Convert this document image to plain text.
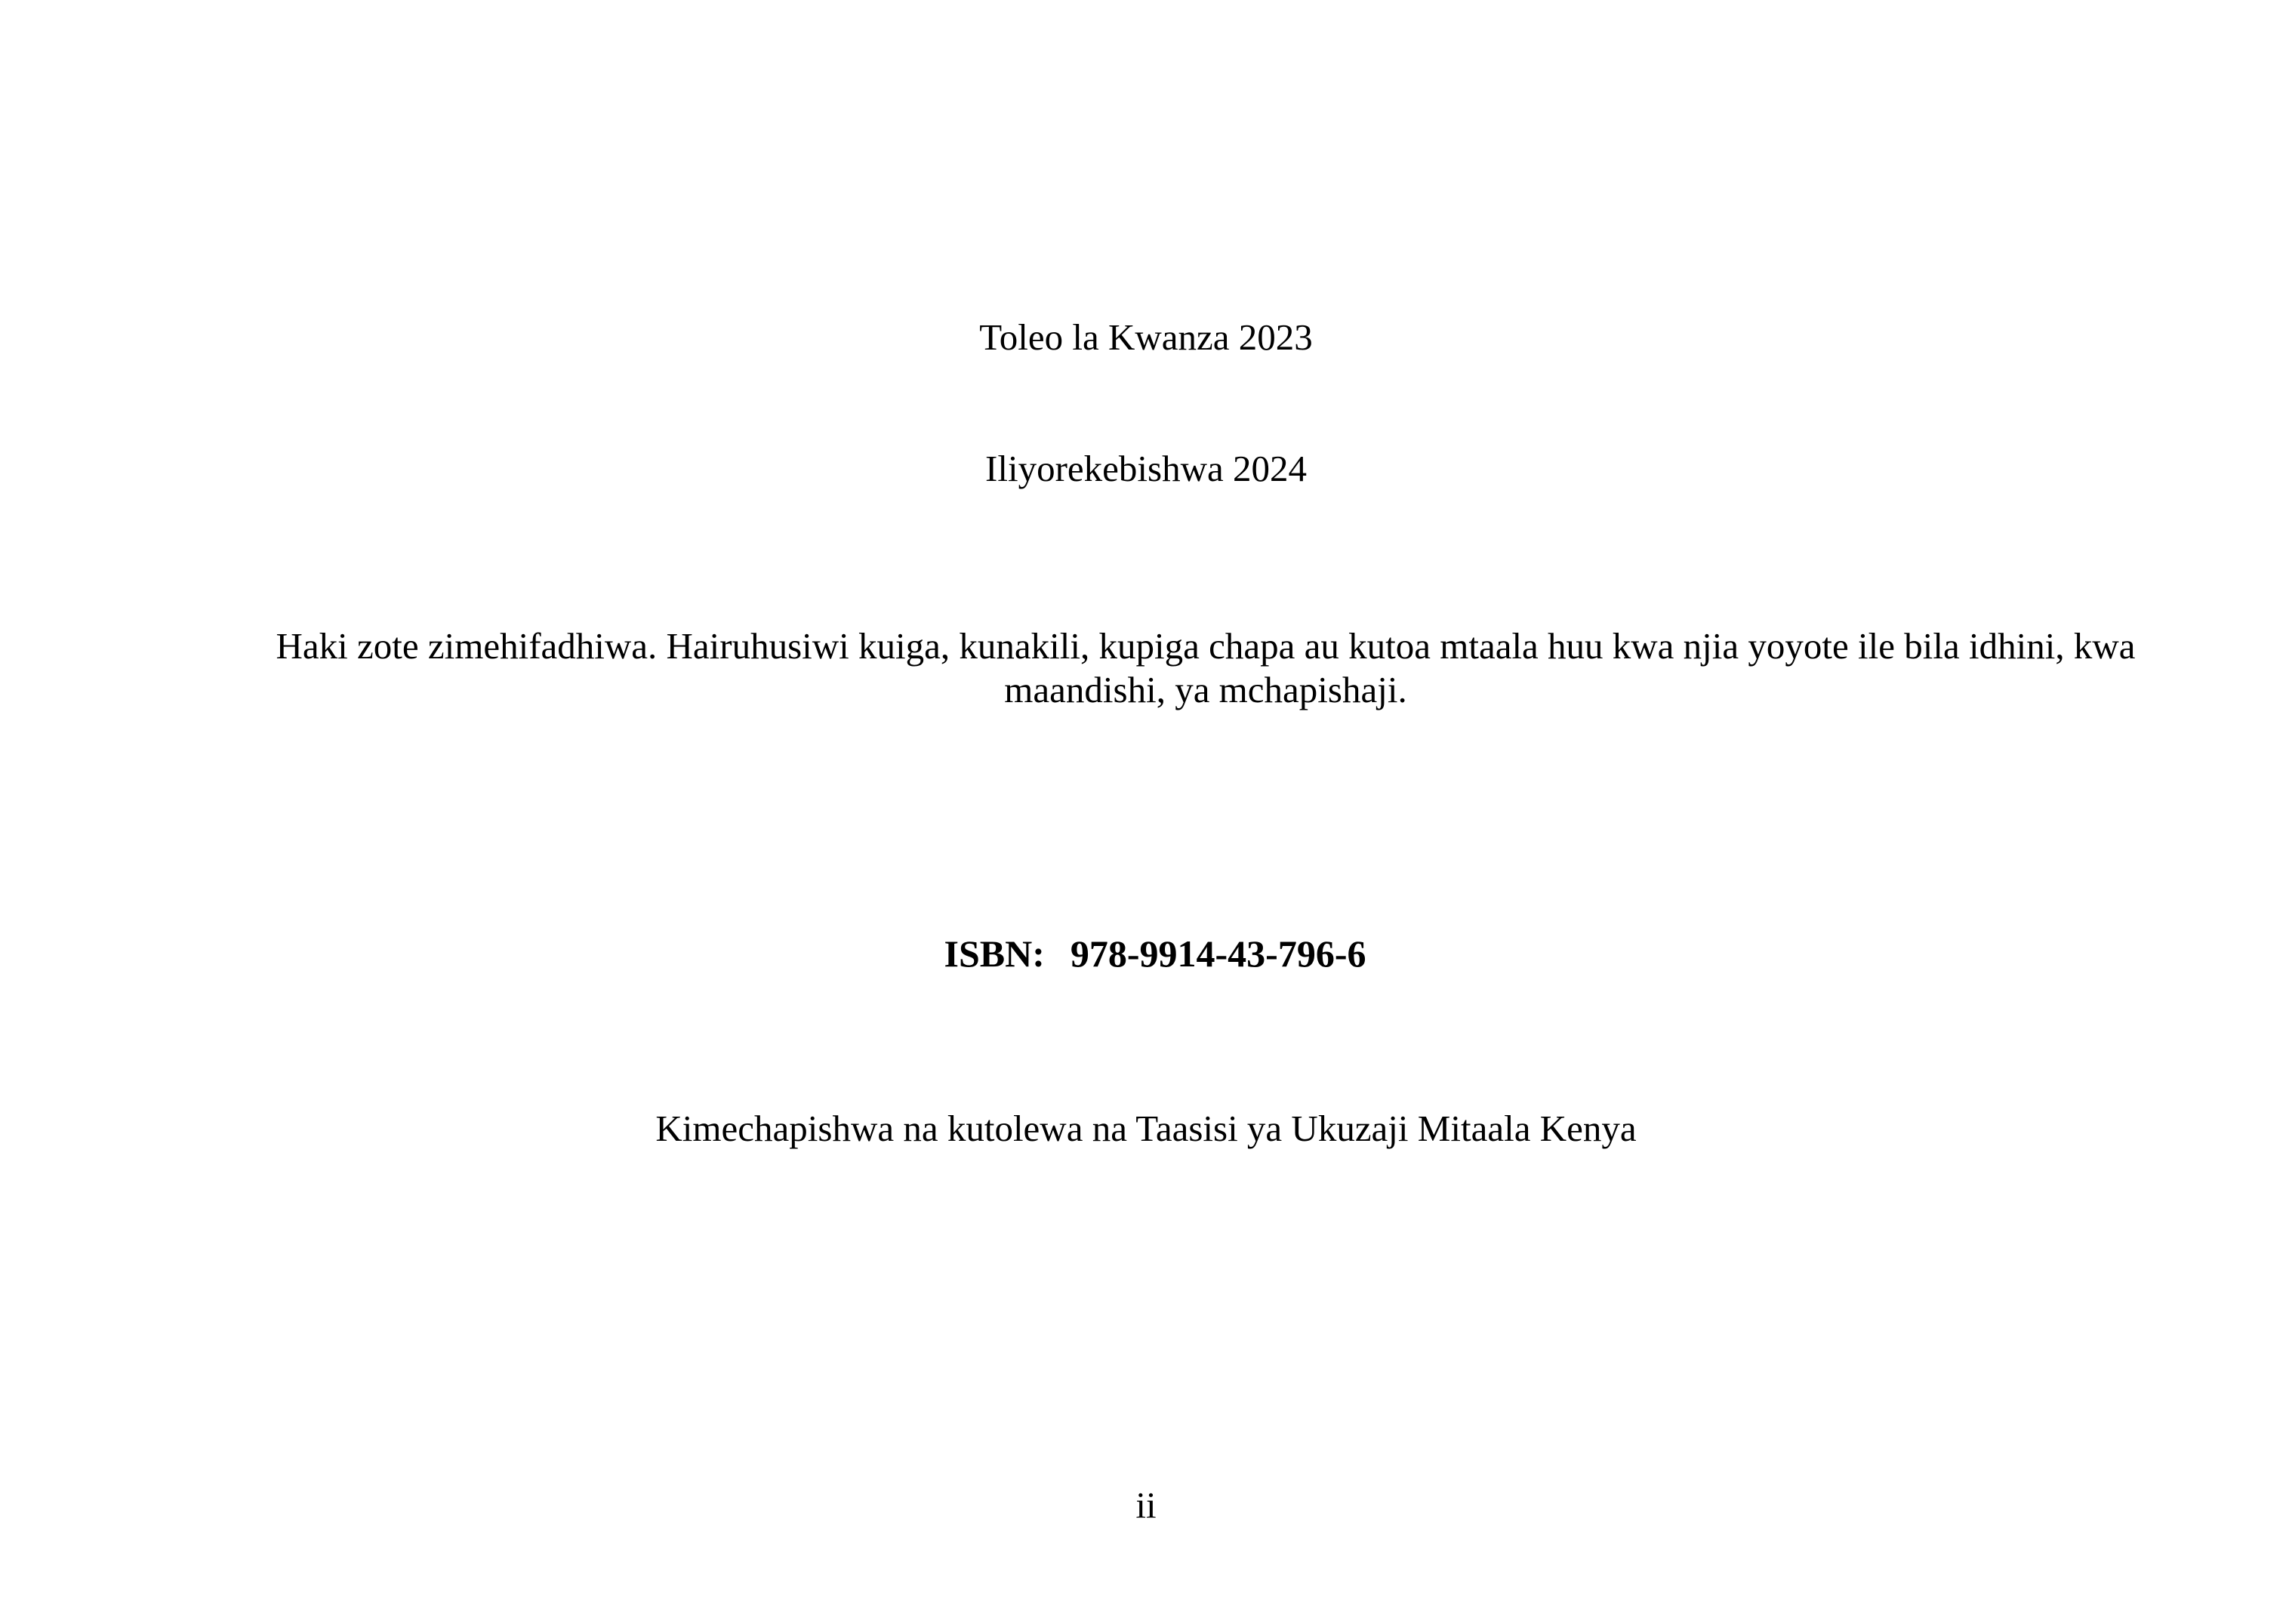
Toleo la Kwanza 2023
Iliyorekebishwa 2024
Haki zote zimehifadhiwa. Hairuhusiwi kuiga, kunakili, kupiga chapa au kutoa mtaala huu kwa njia yoyote ile bila idhini, kwa maandishi, ya mchapishaji.
ISBN: 978-9914-43-796-6
Kimechapishwa na kutolewa na Taasisi ya Ukuzaji Mitaala Kenya
ii
